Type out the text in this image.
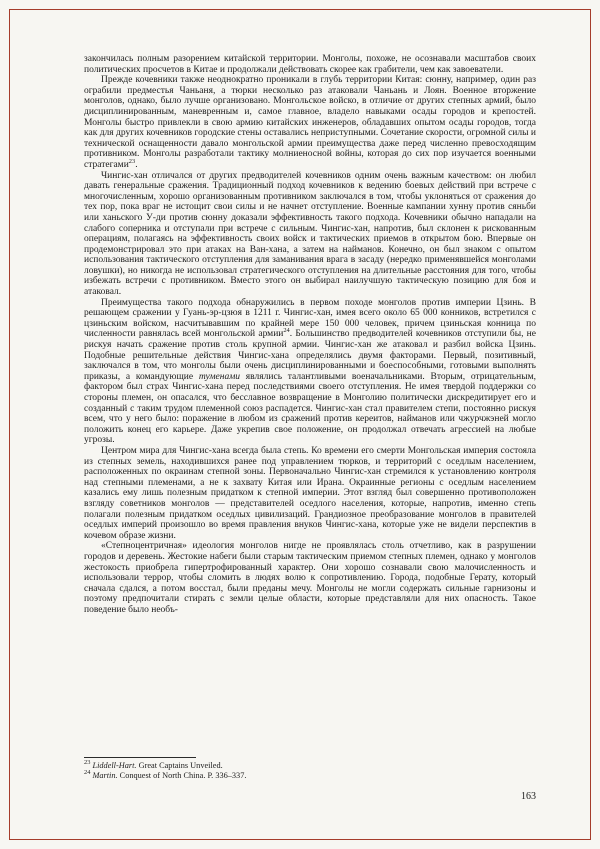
закончилась полным разорением китайской территории. Монголы, похоже, не осознавали масштабов своих политических просчетов в Китае и продолжали действовать скорее как грабители, чем как завоеватели.

Прежде кочевники также неоднократно проникали в глубь территории Китая: сюнну, например, один раз ограбили предместья Чаньаня, а тюрки несколько раз атаковали Чаньань и Лоян. Военное вторжение монголов, однако, было лучше организовано. Монгольское войско, в отличие от других степных армий, было дисциплинированным, маневренным и, самое главное, владело навыками осады городов и крепостей. Монголы быстро привлекли в свою армию китайских инженеров, обладавших опытом осады городов, тогда как для других кочевников городские стены оставались неприступными. Сочетание скорости, огромной силы и технической оснащенности давало монгольской армии преимущества даже перед численно превосходящим противником. Монголы разработали тактику молниеносной войны, которая до сих пор изучается военными стратегами$^{23}$.

Чингис-хан отличался от других предводителей кочевников одним очень важным качеством: он любил давать генеральные сражения. Традиционный подход кочевников к ведению боевых действий при встрече с многочисленным, хорошо организованным противником заключался в том, чтобы уклоняться от сражения до тех пор, пока враг не истощит свои силы и не начнет отступление. Военные кампании хунну против сяньби или ханьского У-ди против сюнну доказали эффективность такого подхода. Кочевники обычно нападали на слабого соперника и отступали при встрече с сильным. Чингис-хан, напротив, был склонен к рискованным операциям, полагаясь на эффективность своих войск и тактических приемов в открытом бою. Впервые он продемонстрировал это при атаках на Ван-хана, а затем на найманов. Конечно, он был знаком с опытом использования тактического отступления для заманивания врага в засаду (нередко применявшейся монголами ловушки), но никогда не использовал стратегического отступления на длительные расстояния для того, чтобы избежать встречи с противником. Вместо этого он выбирал наилучшую тактическую позицию для боя и атаковал.

Преимущества такого подхода обнаружились в первом походе монголов против империи Цзинь. В решающем сражении у Гуань-эр-цзюя в 1211 г. Чингис-хан, имея всего около 65 000 конников, встретился с цзиньским войском, насчитывавшим по крайней мере 150 000 человек, причем цзиньская конница по численности равнялась всей монгольской армии$^{24}$. Большинство предводителей кочевников отступили бы, не рискуя начать сражение против столь крупной армии. Чингис-хан же атаковал и разбил войска Цзинь. Подобные решительные действия Чингис-хана определялись двумя факторами. Первый, позитивный, заключался в том, что монголы были очень дисциплинированными и боеспособными, готовыми выполнять приказы, а командующие туменами являлись талантливыми военачальниками. Вторым, отрицательным, фактором был страх Чингис-хана перед последствиями своего отступления. Не имея твердой поддержки со стороны племен, он опасался, что бесславное возвращение в Монголию политически дискредитирует его и созданный с таким трудом племенной союз распадется. Чингис-хан стал правителем степи, постоянно рискуя всем, что у него было: поражение в любом из сражений против кереитов, найманов или чжурчжэней могло положить конец его карьере. Даже укрепив свое положение, он продолжал отвечать агрессией на любые угрозы.

Центром мира для Чингис-хана всегда была степь. Ко времени его смерти Монгольская империя состояла из степных земель, находившихся ранее под управлением тюрков, и территорий с оседлым населением, расположенных по окраинам степной зоны. Первоначально Чингис-хан стремился к установлению контроля над степными племенами, а не к захвату Китая или Ирана. Окраинные регионы с оседлым населением казались ему лишь полезным придатком к степной империи. Этот взгляд был совершенно противоположен взгляду советников монголов — представителей оседлого населения, которые, напротив, именно степь полагали полезным придатком оседлых цивилизаций. Грандиозное преобразование монголов в правителей оседлых империй произошло во время правления внуков Чингис-хана, которые уже не видели перспектив в кочевом образе жизни.

«Степноцентричная» идеология монголов нигде не проявлялась столь отчетливо, как в разрушении городов и деревень. Жестокие набеги были старым тактическим приемом степных племен, однако у монголов жестокость приобрела гипертрофированный характер. Они хорошо сознавали свою малочисленность и использовали террор, чтобы сломить в людях волю к сопротивлению. Города, подобные Герату, который сначала сдался, а потом восстал, были преданы мечу. Монголы не могли содержать сильные гарнизоны и поэтому предпочитали стирать с земли целые области, которые представляли для них опасность. Такое поведение было необъ-

$^{23}$ Liddell-Hart. Great Captains Unveiled.

$^{24}$ Martin. Conquest of North China. P. 336–337.

163
